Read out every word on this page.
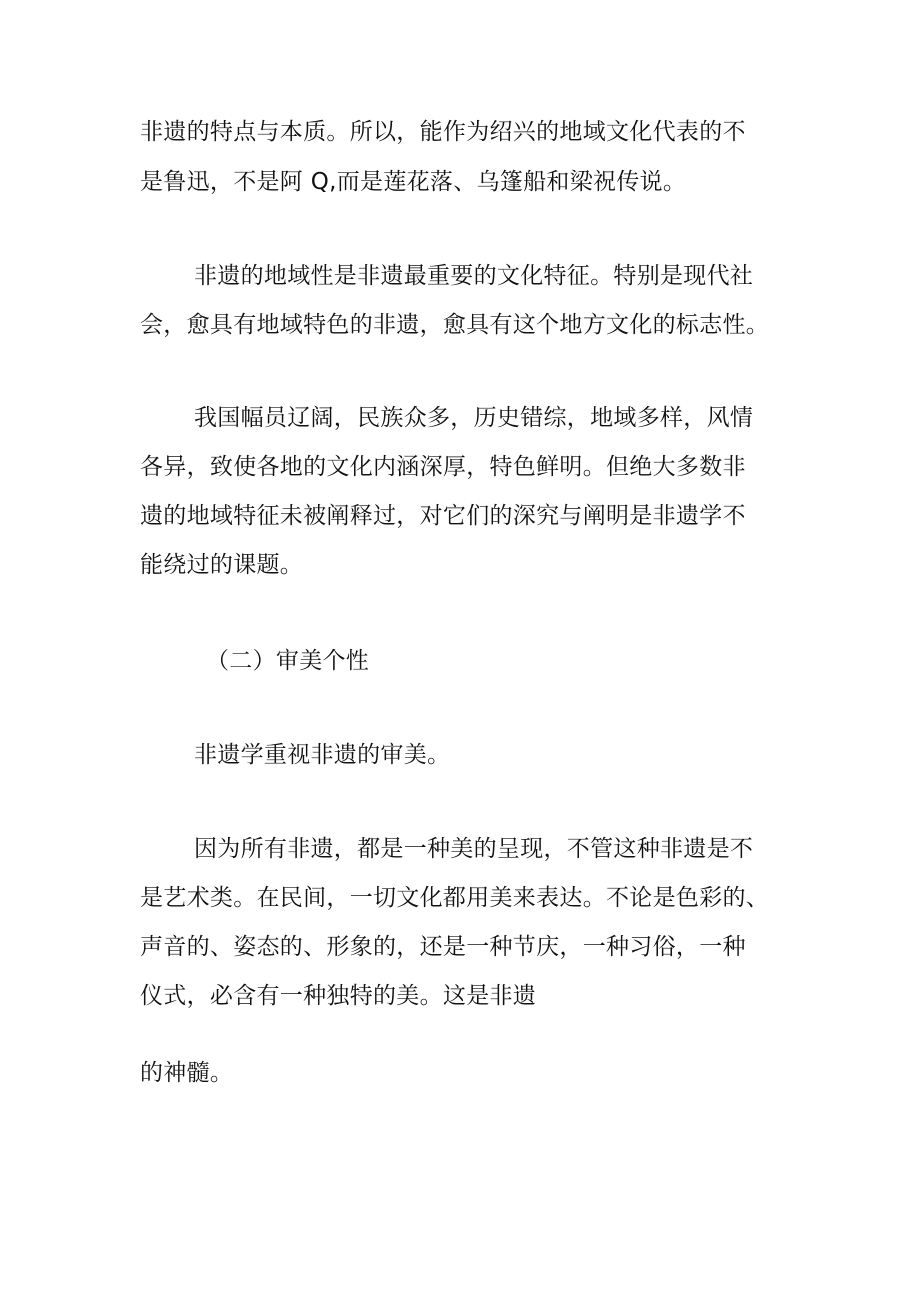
非遗的特点与本质。所以，能作为绍兴的地域文化代表的不
是鲁迅，不是阿 Q,而是莲花落、乌篷船和梁祝传说。
非遗的地域性是非遗最重要的文化特征。特别是现代社
会，愈具有地域特色的非遗，愈具有这个地方文化的标志性。
我国幅员辽阔，民族众多，历史错综，地域多样，风情
各异，致使各地的文化内涵深厚，特色鲜明。但绝大多数非
遗的地域特征未被阐释过，对它们的深究与阐明是非遗学不
能绕过的课题。
（二）审美个性
非遗学重视非遗的审美。
因为所有非遗，都是一种美的呈现，不管这种非遗是不
是艺术类。在民间，一切文化都用美来表达。不论是色彩的、
声音的、姿态的、形象的，还是一种节庆，一种习俗，一种
仪式，必含有一种独特的美。这是非遗
的神髓。
